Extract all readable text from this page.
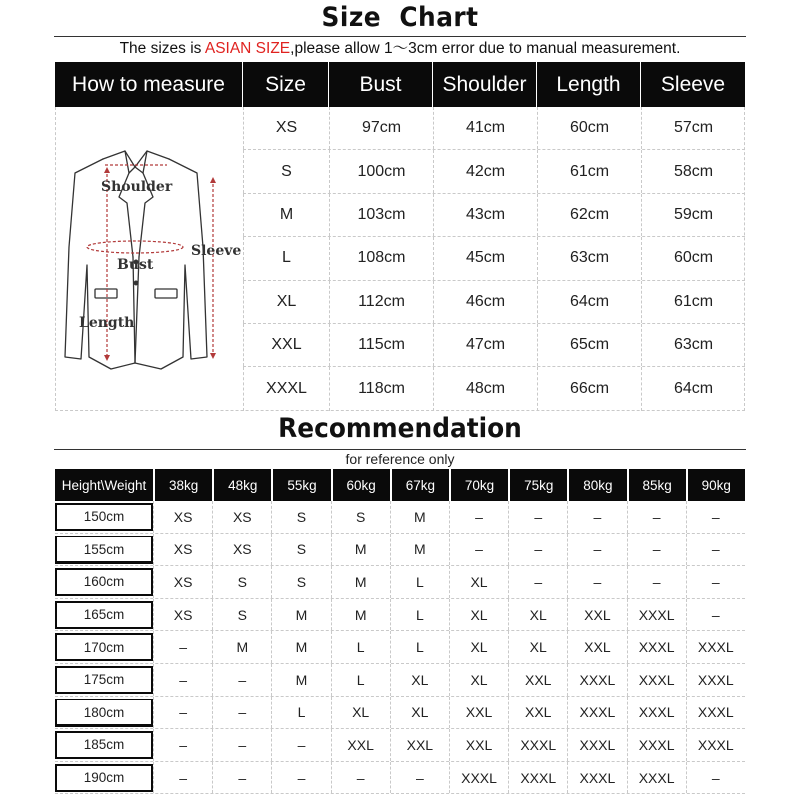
Size Chart
The sizes is ASIAN SIZE,please allow 1～3cm error due to manual measurement.
How to measure	Size	Bust	Shoulder	Length	Sleeve
Shoulder
Bust
Sleeve
Length
XS	97cm	41cm	60cm	57cm
S	100cm	42cm	61cm	58cm
M	103cm	43cm	62cm	59cm
L	108cm	45cm	63cm	60cm
XL	112cm	46cm	64cm	61cm
XXL	115cm	47cm	65cm	63cm
XXXL	118cm	48cm	66cm	64cm
Recommendation
for reference only
Height\Weight	38kg	48kg	55kg	60kg	67kg	70kg	75kg	80kg	85kg	90kg
150cm	XS	XS	S	S	M	–	–	–	–	–
155cm	XS	XS	S	M	M	–	–	–	–	–
160cm	XS	S	S	M	L	XL	–	–	–	–
165cm	XS	S	M	M	L	XL	XL	XXL	XXXL	–
170cm	–	M	M	L	L	XL	XL	XXL	XXXL	XXXL
175cm	–	–	M	L	XL	XL	XXL	XXXL	XXXL	XXXL
180cm	–	–	L	XL	XL	XXL	XXL	XXXL	XXXL	XXXL
185cm	–	–	–	XXL	XXL	XXL	XXXL	XXXL	XXXL	XXXL
190cm	–	–	–	–	–	XXXL	XXXL	XXXL	XXXL	–
